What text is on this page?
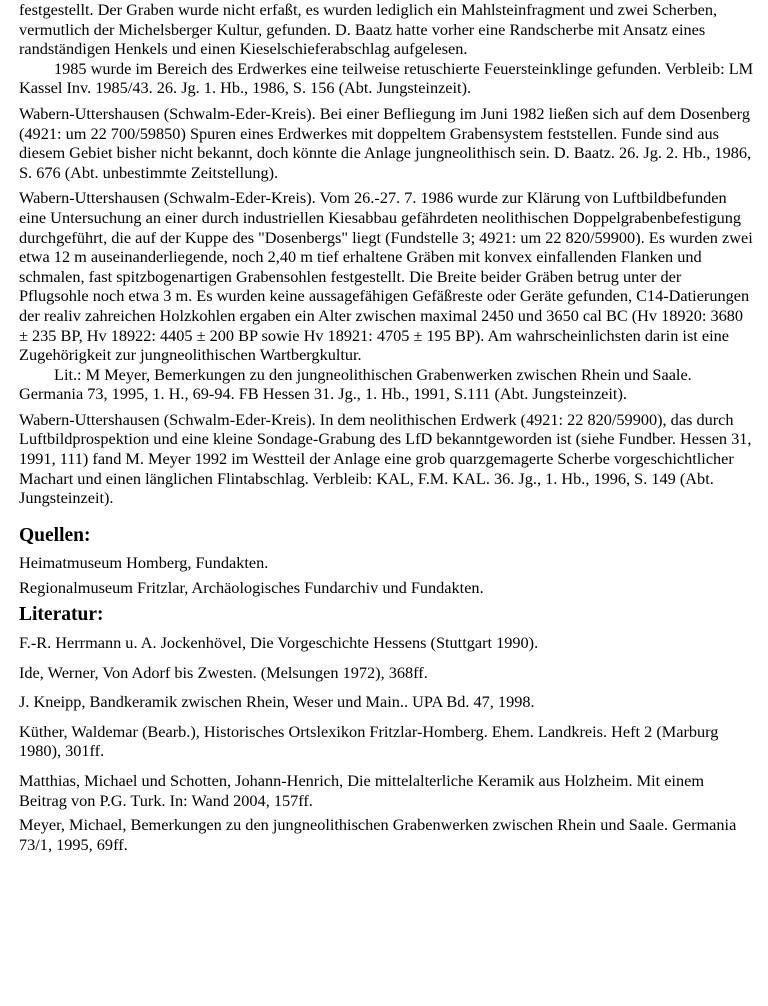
festgestellt. Der Graben wurde nicht erfaßt, es wurden lediglich ein Mahlsteinfragment und zwei Scherben, vermutlich der Michelsberger Kultur, gefunden. D. Baatz hatte vorher eine Randscherbe mit Ansatz eines randständigen Henkels und einen Kieselschieferabschlag aufgelesen.

1985 wurde im Bereich des Erdwerkes eine teilweise retuschierte Feuersteinklinge gefunden. Verbleib: LM Kassel Inv. 1985/43. 26. Jg. 1. Hb., 1986, S. 156 (Abt. Jungsteinzeit).

Wabern-Uttershausen (Schwalm-Eder-Kreis). Bei einer Befliegung im Juni 1982 ließen sich auf dem Dosenberg (4921: um 22 700/59850) Spuren eines Erdwerkes mit doppeltem Grabensystem feststellen. Funde sind aus diesem Gebiet bisher nicht bekannt, doch könnte die Anlage jungneolithisch sein. D. Baatz. 26. Jg. 2. Hb., 1986, S. 676 (Abt. unbestimmte Zeitstellung).

Wabern-Uttershausen (Schwalm-Eder-Kreis). Vom 26.-27. 7. 1986 wurde zur Klärung von Luftbildbefunden eine Untersuchung an einer durch industriellen Kiesabbau gefährdeten neolithischen Doppelgrabenbefestigung durchgeführt, die auf der Kuppe des "Dosenbergs" liegt (Fundstelle 3; 4921: um 22 820/59900). Es wurden zwei etwa 12 m auseinanderliegende, noch 2,40 m tief erhaltene Gräben mit konvex einfallenden Flanken und schmalen, fast spitzbogenartigen Grabensohlen festgestellt. Die Breite beider Gräben betrug unter der Pflugsohle noch etwa 3 m. Es wurden keine aussagefähigen Gefäßreste oder Geräte gefunden, C14-Datierungen der realiv zahreichen Holzkohlen ergaben ein Alter zwischen maximal 2450 und 3650 cal BC (Hv 18920: 3680 ± 235 BP, Hv 18922: 4405 ± 200 BP sowie Hv 18921: 4705 ± 195 BP). Am wahrscheinlichsten darin ist eine Zugehörigkeit zur jungneolithischen Wartbergkultur.

Lit.: M Meyer, Bemerkungen zu den jungneolithischen Grabenwerken zwischen Rhein und Saale. Germania 73, 1995, 1. H., 69-94. FB Hessen 31. Jg., 1. Hb., 1991, S.111 (Abt. Jungsteinzeit).

Wabern-Uttershausen (Schwalm-Eder-Kreis). In dem neolithischen Erdwerk (4921: 22 820/59900), das durch Luftbildprospektion und eine kleine Sondage-Grabung des LfD bekanntgeworden ist (siehe Fundber. Hessen 31, 1991, 111) fand M. Meyer 1992 im Westteil der Anlage eine grob quarzgemagerte Scherbe vorgeschichtlicher Machart und einen länglichen Flintabschlag. Verbleib: KAL, F.M. KAL. 36. Jg., 1. Hb., 1996, S. 149 (Abt. Jungsteinzeit).

Quellen:

Heimatmuseum Homberg, Fundakten.

Regionalmuseum Fritzlar, Archäologisches Fundarchiv und Fundakten.

Literatur:

F.-R. Herrmann u. A. Jockenhövel, Die Vorgeschichte Hessens (Stuttgart 1990).

Ide, Werner, Von Adorf bis Zwesten. (Melsungen 1972), 368ff.

J. Kneipp, Bandkeramik zwischen Rhein, Weser und Main.. UPA Bd. 47, 1998.

Küther, Waldemar (Bearb.), Historisches Ortslexikon Fritzlar-Homberg. Ehem. Landkreis. Heft 2 (Marburg 1980), 301ff.

Matthias, Michael und Schotten, Johann-Henrich, Die mittelalterliche Keramik aus Holzheim. Mit einem Beitrag von P.G. Turk. In: Wand 2004, 157ff.

Meyer, Michael, Bemerkungen zu den jungneolithischen Grabenwerken zwischen Rhein und Saale. Germania 73/1, 1995, 69ff.
